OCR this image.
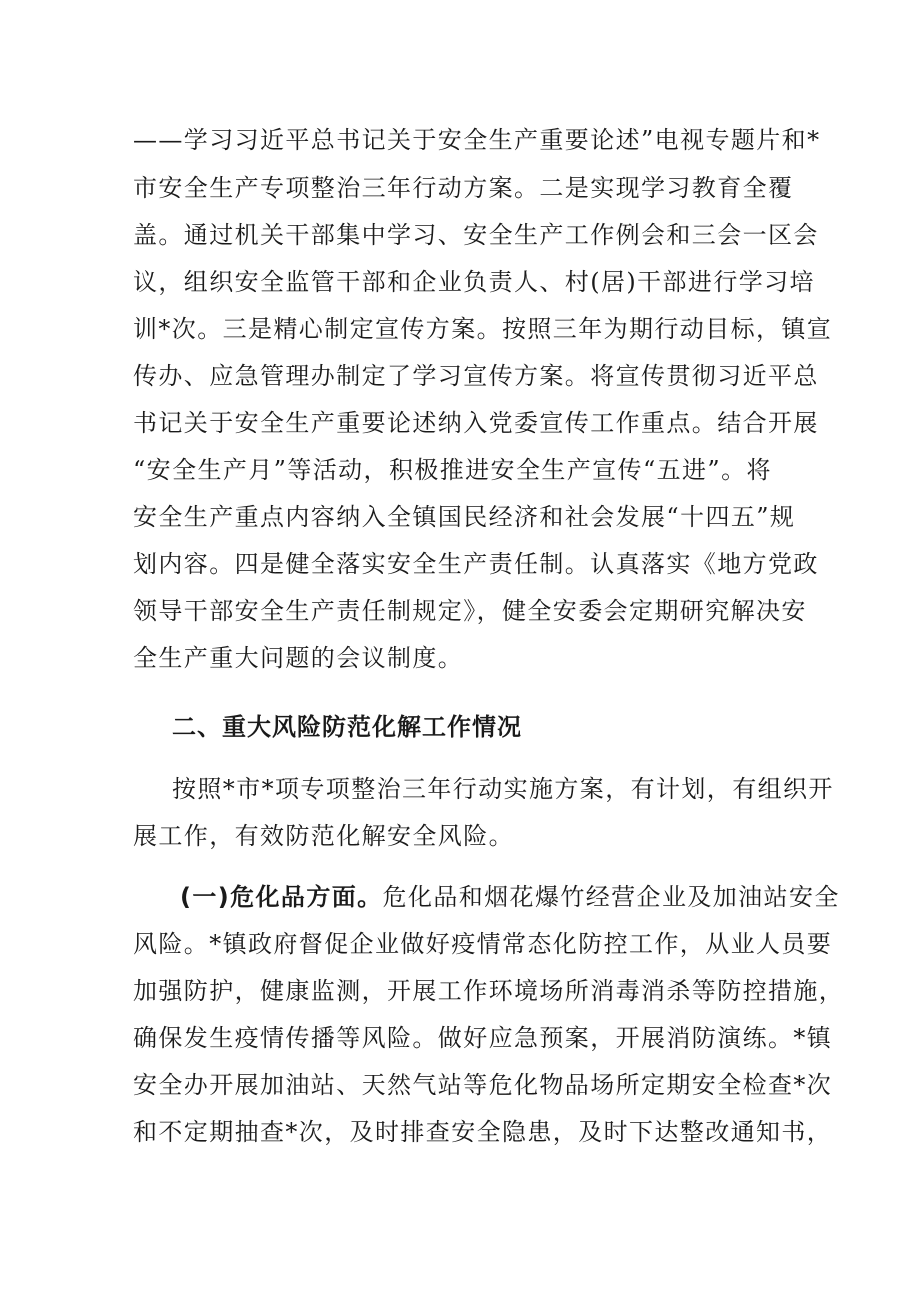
——学习习近平总书记关于安全生产重要论述”电视专题片和*
市安全生产专项整治三年行动方案。二是实现学习教育全覆
盖。通过机关干部集中学习、安全生产工作例会和三会一区会
议，组织安全监管干部和企业负责人、村(居)干部进行学习培
训*次。三是精心制定宣传方案。按照三年为期行动目标，镇宣
传办、应急管理办制定了学习宣传方案。将宣传贯彻习近平总
书记关于安全生产重要论述纳入党委宣传工作重点。结合开展
“安全生产月”等活动，积极推进安全生产宣传“五进”。将
安全生产重点内容纳入全镇国民经济和社会发展“十四五”规
划内容。四是健全落实安全生产责任制。认真落实《地方党政
领导干部安全生产责任制规定》，健全安委会定期研究解决安
全生产重大问题的会议制度。
二、重大风险防范化解工作情况
按照*市*项专项整治三年行动实施方案，有计划，有组织开
展工作，有效防范化解安全风险。
(一)危化品方面。危化品和烟花爆竹经营企业及加油站安全
风险。*镇政府督促企业做好疫情常态化防控工作，从业人员要
加强防护，健康监测，开展工作环境场所消毒消杀等防控措施，
确保发生疫情传播等风险。做好应急预案，开展消防演练。*镇
安全办开展加油站、天然气站等危化物品场所定期安全检查*次
和不定期抽查*次，及时排查安全隐患，及时下达整改通知书，
